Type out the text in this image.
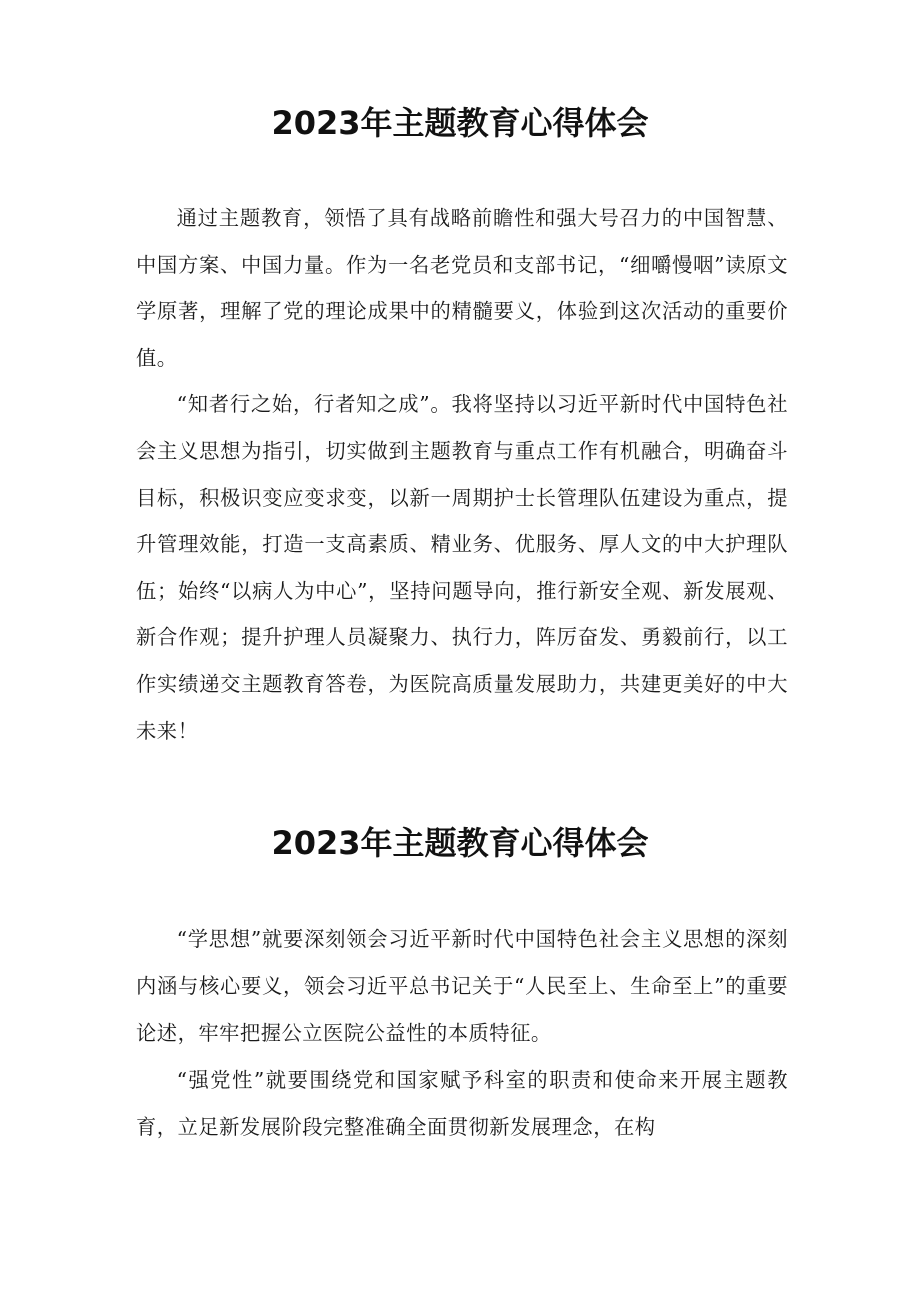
2023年主题教育心得体会

通过主题教育，领悟了具有战略前瞻性和强大号召力的中国智慧、中国方案、中国力量。作为一名老党员和支部书记，“细嚼慢咽”读原文学原著，理解了党的理论成果中的精髓要义，体验到这次活动的重要价值。

“知者行之始，行者知之成”。我将坚持以习近平新时代中国特色社会主义思想为指引，切实做到主题教育与重点工作有机融合，明确奋斗目标，积极识变应变求变，以新一周期护士长管理队伍建设为重点，提升管理效能，打造一支高素质、精业务、优服务、厚人文的中大护理队伍；始终“以病人为中心”，坚持问题导向，推行新安全观、新发展观、新合作观；提升护理人员凝聚力、执行力，阵厉奋发、勇毅前行，以工作实绩递交主题教育答卷，为医院高质量发展助力，共建更美好的中大未来！

2023年主题教育心得体会

“学思想”就要深刻领会习近平新时代中国特色社会主义思想的深刻内涵与核心要义，领会习近平总书记关于“人民至上、生命至上”的重要论述，牢牢把握公立医院公益性的本质特征。

“强党性”就要围绕党和国家赋予科室的职责和使命来开展主题教育，立足新发展阶段完整准确全面贯彻新发展理念，在构
